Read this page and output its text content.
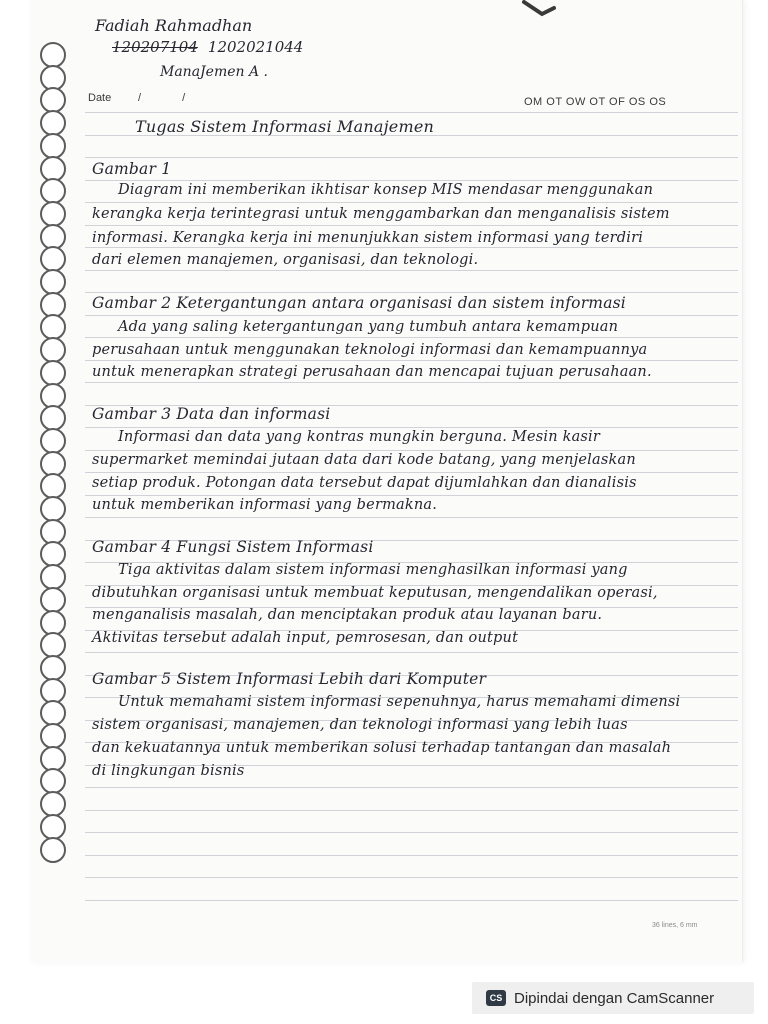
Fadiah Rahmadhan
120207104 1202021044
ManaJemen A .
Date / /	OM OT OW OT OF OS OS
Tugas Sistem Informasi Manajemen
Gambar 1
Diagram ini memberikan ikhtisar konsep MIS mendasar menggunakan
kerangka kerja terintegrasi untuk menggambarkan dan menganalisis sistem
informasi. Kerangka kerja ini menunjukkan sistem informasi yang terdiri
dari elemen manajemen, organisasi, dan teknologi.
Gambar 2 Ketergantungan antara organisasi dan sistem informasi
Ada yang saling ketergantungan yang tumbuh antara kemampuan
perusahaan untuk menggunakan teknologi informasi dan kemampuannya
untuk menerapkan strategi perusahaan dan mencapai tujuan perusahaan.
Gambar 3 Data dan informasi
Informasi dan data yang kontras mungkin berguna. Mesin kasir
supermarket memindai jutaan data dari kode batang, yang menjelaskan
setiap produk. Potongan data tersebut dapat dijumlahkan dan dianalisis
untuk memberikan informasi yang bermakna.
Gambar 4 Fungsi Sistem Informasi
Tiga aktivitas dalam sistem informasi menghasilkan informasi yang
dibutuhkan organisasi untuk membuat keputusan, mengendalikan operasi,
menganalisis masalah, dan menciptakan produk atau layanan baru.
Aktivitas tersebut adalah input, pemrosesan, dan output
Gambar 5 Sistem Informasi Lebih dari Komputer
Untuk memahami sistem informasi sepenuhnya, harus memahami dimensi
sistem organisasi, manajemen, dan teknologi informasi yang lebih luas
dan kekuatannya untuk memberikan solusi terhadap tantangan dan masalah
di lingkungan bisnis
36 lines, 6 mm
CS Dipindai dengan CamScanner
